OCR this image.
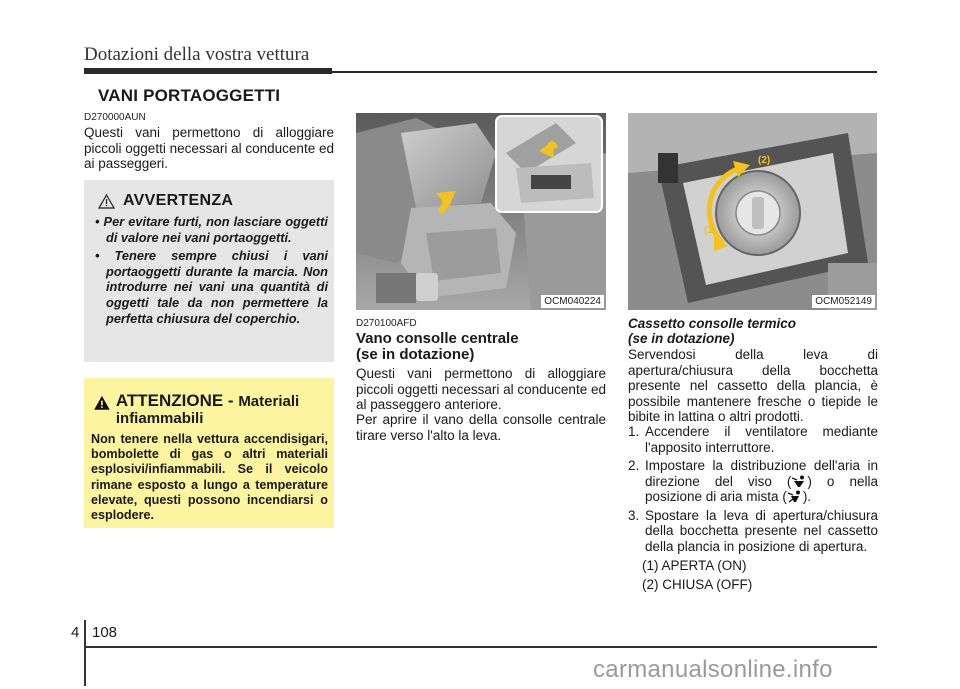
Dotazioni della vostra vettura
VANI PORTAOGGETTI
D270000AUN
Questi vani permettono di alloggiare piccoli oggetti necessari al conducente ed ai passeggeri.
AVVERTENZA
• Per evitare furti, non lasciare oggetti di valore nei vani portaoggetti.
• Tenere sempre chiusi i vani portaoggetti durante la marcia. Non introdurre nei vani una quantità di oggetti tale da non permettere la perfetta chiusura del coperchio.
ATTENZIONE - Materiali infiammabili
Non tenere nella vettura accendisigari, bombolette di gas o altri materiali esplosivi/infiammabili. Se il veicolo rimane esposto a lungo a temperature elevate, questi possono incendiarsi o esplodere.
OCM040224
(2)
(1)
OCM052149
D270100AFD
Vano consolle centrale
(se in dotazione)
Questi vani permettono di alloggiare piccoli oggetti necessari al conducente ed al passeggero anteriore.
Per aprire il vano della consolle centrale tirare verso l'alto la leva.
Cassetto consolle termico
(se in dotazione)
Servendosi della leva di apertura/chiusura della bocchetta presente nel cassetto della plancia, è possibile mantenere fresche o tiepide le bibite in lattina o altri prodotti.
1. Accendere il ventilatore mediante l'apposito interruttore.
2. Impostare la distribuzione dell'aria in direzione del viso ( ) o nella posizione di aria mista ( ).
3. Spostare la leva di apertura/chiusura della bocchetta presente nel cassetto della plancia in posizione di apertura.
(1) APERTA (ON)
(2) CHIUSA (OFF)
4 108
carmanualsonline.info
